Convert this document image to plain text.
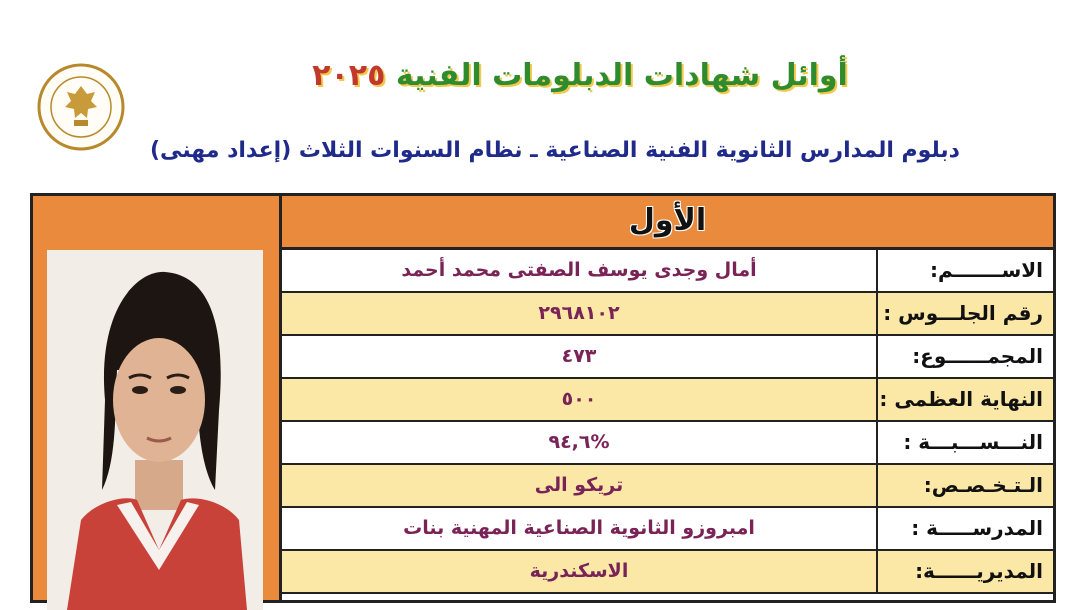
أوائل شهادات الدبلومات الفنية ٢٠٢٥
دبلوم المدارس الثانوية الفنية الصناعية ـ نظام السنوات الثلاث (إعداد مهنى)
الأول
أمال وجدى يوسف الصفتى محمد أحمد	الاســـــــم:
٢٩٦٨١٠٢	رقم الجلـــوس :
٤٧٣	المجمــــــوع:
٥٠٠	النهاية العظمى :
%٩٤,٦	النـــســـبـــة :
تريكو الى	الـتـخـصـص:
امبروزو الثانوية الصناعية المهنية بنات	المدرســـــة :
الاسكندرية	المديريــــــة:
